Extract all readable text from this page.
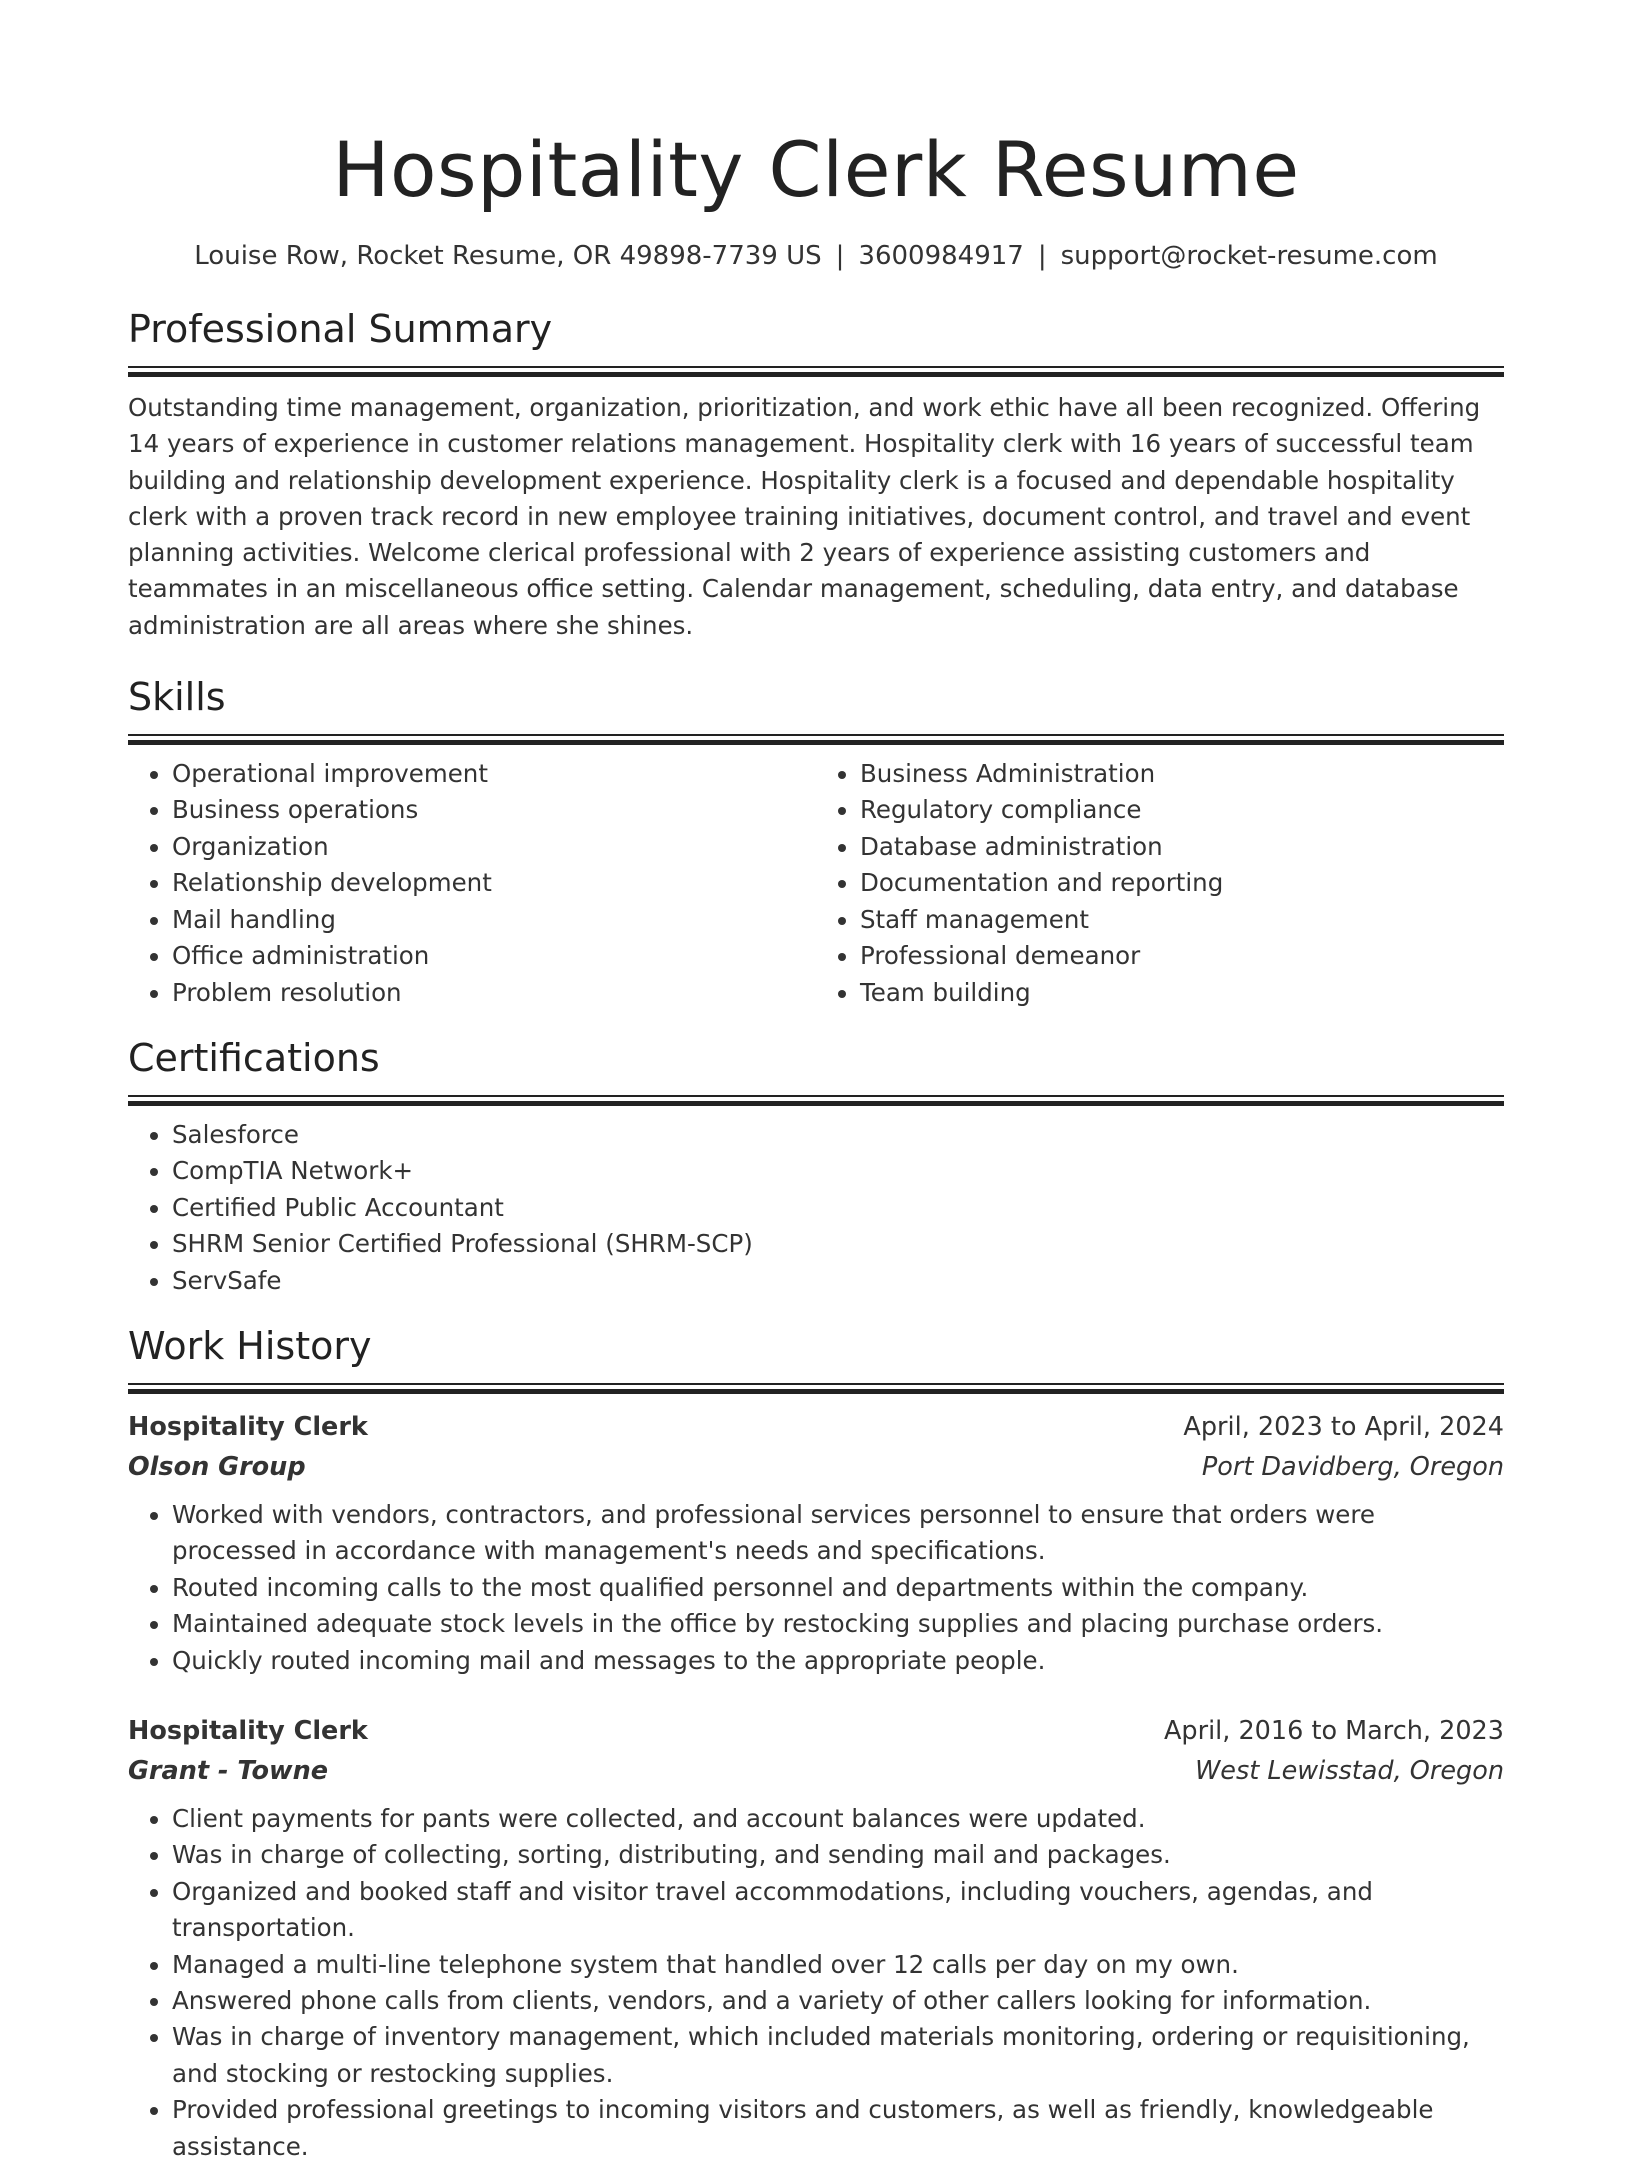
Hospitality Clerk Resume
Louise Row, Rocket Resume, OR 49898-7739 US | 3600984917 | support@rocket-resume.com
Professional Summary

Outstanding time management, organization, prioritization, and work ethic have all been recognized. Offering 14 years of experience in customer relations management. Hospitality clerk with 16 years of successful team building and relationship development experience. Hospitality clerk is a focused and dependable hospitality clerk with a proven track record in new employee training initiatives, document control, and travel and event planning activities. Welcome clerical professional with 2 years of experience assisting customers and teammates in an miscellaneous office setting. Calendar management, scheduling, data entry, and database administration are all areas where she shines.

Skills
• Operational improvement
• Business operations
• Organization
• Relationship development
• Mail handling
• Office administration
• Problem resolution
• Business Administration
• Regulatory compliance
• Database administration
• Documentation and reporting
• Staff management
• Professional demeanor
• Team building
Certifications
• Salesforce
• CompTIA Network+
• Certified Public Accountant
• SHRM Senior Certified Professional (SHRM-SCP)
• ServSafe
Work History
Hospitality Clerk	April, 2023 to April, 2024
Olson Group	Port Davidberg, Oregon
• Worked with vendors, contractors, and professional services personnel to ensure that orders were processed in accordance with management's needs and specifications.
• Routed incoming calls to the most qualified personnel and departments within the company.
• Maintained adequate stock levels in the office by restocking supplies and placing purchase orders.
• Quickly routed incoming mail and messages to the appropriate people.
Hospitality Clerk	April, 2016 to March, 2023
Grant - Towne	West Lewisstad, Oregon
• Client payments for pants were collected, and account balances were updated.
• Was in charge of collecting, sorting, distributing, and sending mail and packages.
• Organized and booked staff and visitor travel accommodations, including vouchers, agendas, and transportation.
• Managed a multi-line telephone system that handled over 12 calls per day on my own.
• Answered phone calls from clients, vendors, and a variety of other callers looking for information.
• Was in charge of inventory management, which included materials monitoring, ordering or requisitioning, and stocking or restocking supplies.
• Provided professional greetings to incoming visitors and customers, as well as friendly, knowledgeable assistance.
